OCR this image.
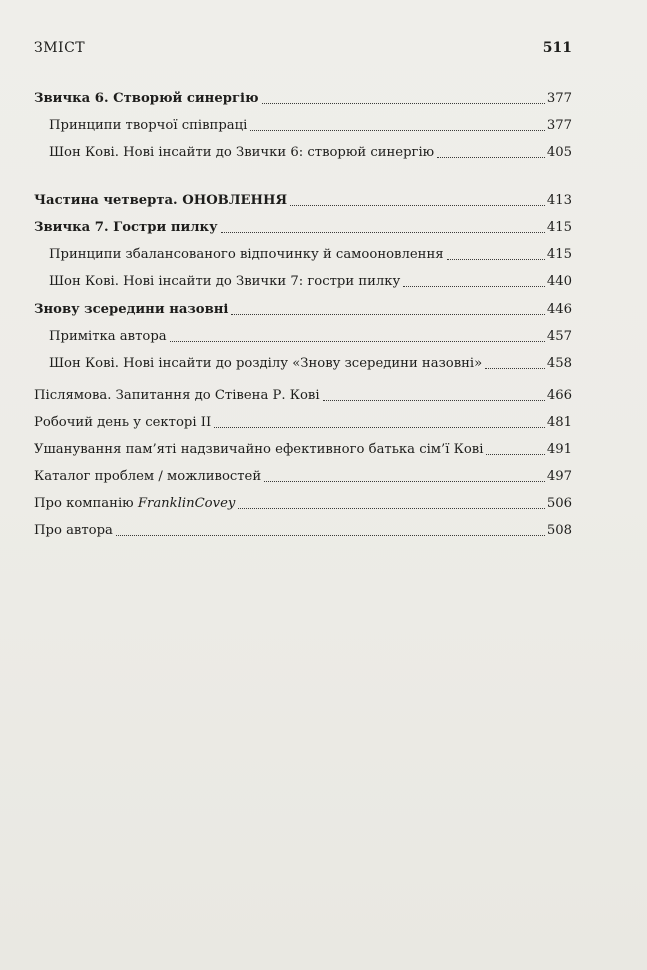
ЗМІСТ	511
Звичка 6. Створюй синергію	377
Принципи творчої співпраці	377
Шон Кові. Нові інсайти до Звички 6: створюй синергію	405
Частина четверта. ОНОВЛЕННЯ	413
Звичка 7. Гостри пилку	415
Принципи збалансованого відпочинку й самооновлення	415
Шон Кові. Нові інсайти до Звички 7: гостри пилку	440
Знову зсередини назовні	446
Примітка автора	457
Шон Кові. Нові інсайти до розділу «Знову зсередини назовні»	458
Післямова. Запитання до Стівена Р. Кові	466
Робочий день у секторі II	481
Ушанування пам’яті надзвичайно ефективного батька сім’ї Кові	491
Каталог проблем / можливостей	497
Про компанію FranklinCovey	506
Про автора	508
